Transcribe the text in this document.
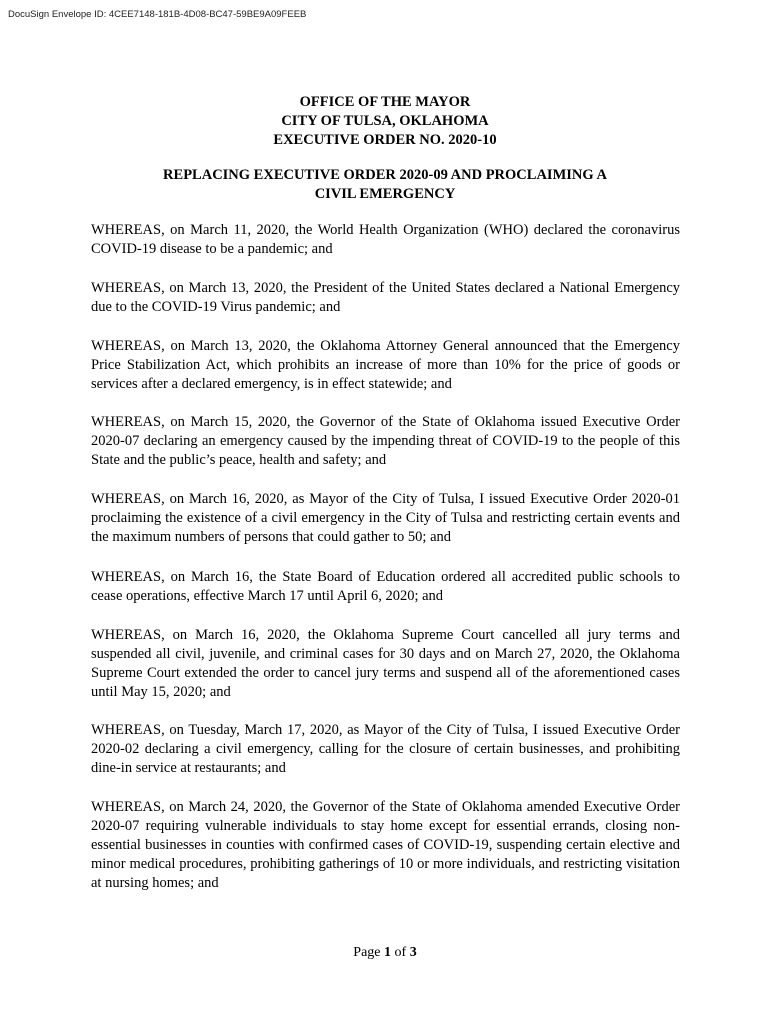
DocuSign Envelope ID: 4CEE7148-181B-4D08-BC47-59BE9A09FEEB
OFFICE OF THE MAYOR
CITY OF TULSA, OKLAHOMA
EXECUTIVE ORDER NO. 2020-10
REPLACING EXECUTIVE ORDER 2020-09 AND PROCLAIMING A
CIVIL EMERGENCY

WHEREAS, on March 11, 2020, the World Health Organization (WHO) declared the coronavirus COVID-19 disease to be a pandemic; and

WHEREAS, on March 13, 2020, the President of the United States declared a National Emergency due to the COVID-19 Virus pandemic; and

WHEREAS, on March 13, 2020, the Oklahoma Attorney General announced that the Emergency Price Stabilization Act, which prohibits an increase of more than 10% for the price of goods or services after a declared emergency, is in effect statewide; and

WHEREAS, on March 15, 2020, the Governor of the State of Oklahoma issued Executive Order 2020-07 declaring an emergency caused by the impending threat of COVID-19 to the people of this State and the public’s peace, health and safety; and

WHEREAS, on March 16, 2020, as Mayor of the City of Tulsa, I issued Executive Order 2020-01 proclaiming the existence of a civil emergency in the City of Tulsa and restricting certain events and the maximum numbers of persons that could gather to 50; and

WHEREAS, on March 16, the State Board of Education ordered all accredited public schools to cease operations, effective March 17 until April 6, 2020; and

WHEREAS, on March 16, 2020, the Oklahoma Supreme Court cancelled all jury terms and suspended all civil, juvenile, and criminal cases for 30 days and on March 27, 2020, the Oklahoma Supreme Court extended the order to cancel jury terms and suspend all of the aforementioned cases until May 15, 2020; and

WHEREAS, on Tuesday, March 17, 2020, as Mayor of the City of Tulsa, I issued Executive Order 2020-02 declaring a civil emergency, calling for the closure of certain businesses, and prohibiting dine-in service at restaurants; and

WHEREAS, on March 24, 2020, the Governor of the State of Oklahoma amended Executive Order 2020-07 requiring vulnerable individuals to stay home except for essential errands, closing non-essential businesses in counties with confirmed cases of COVID-19, suspending certain elective and minor medical procedures, prohibiting gatherings of 10 or more individuals, and restricting visitation at nursing homes; and

Page 1 of 3
